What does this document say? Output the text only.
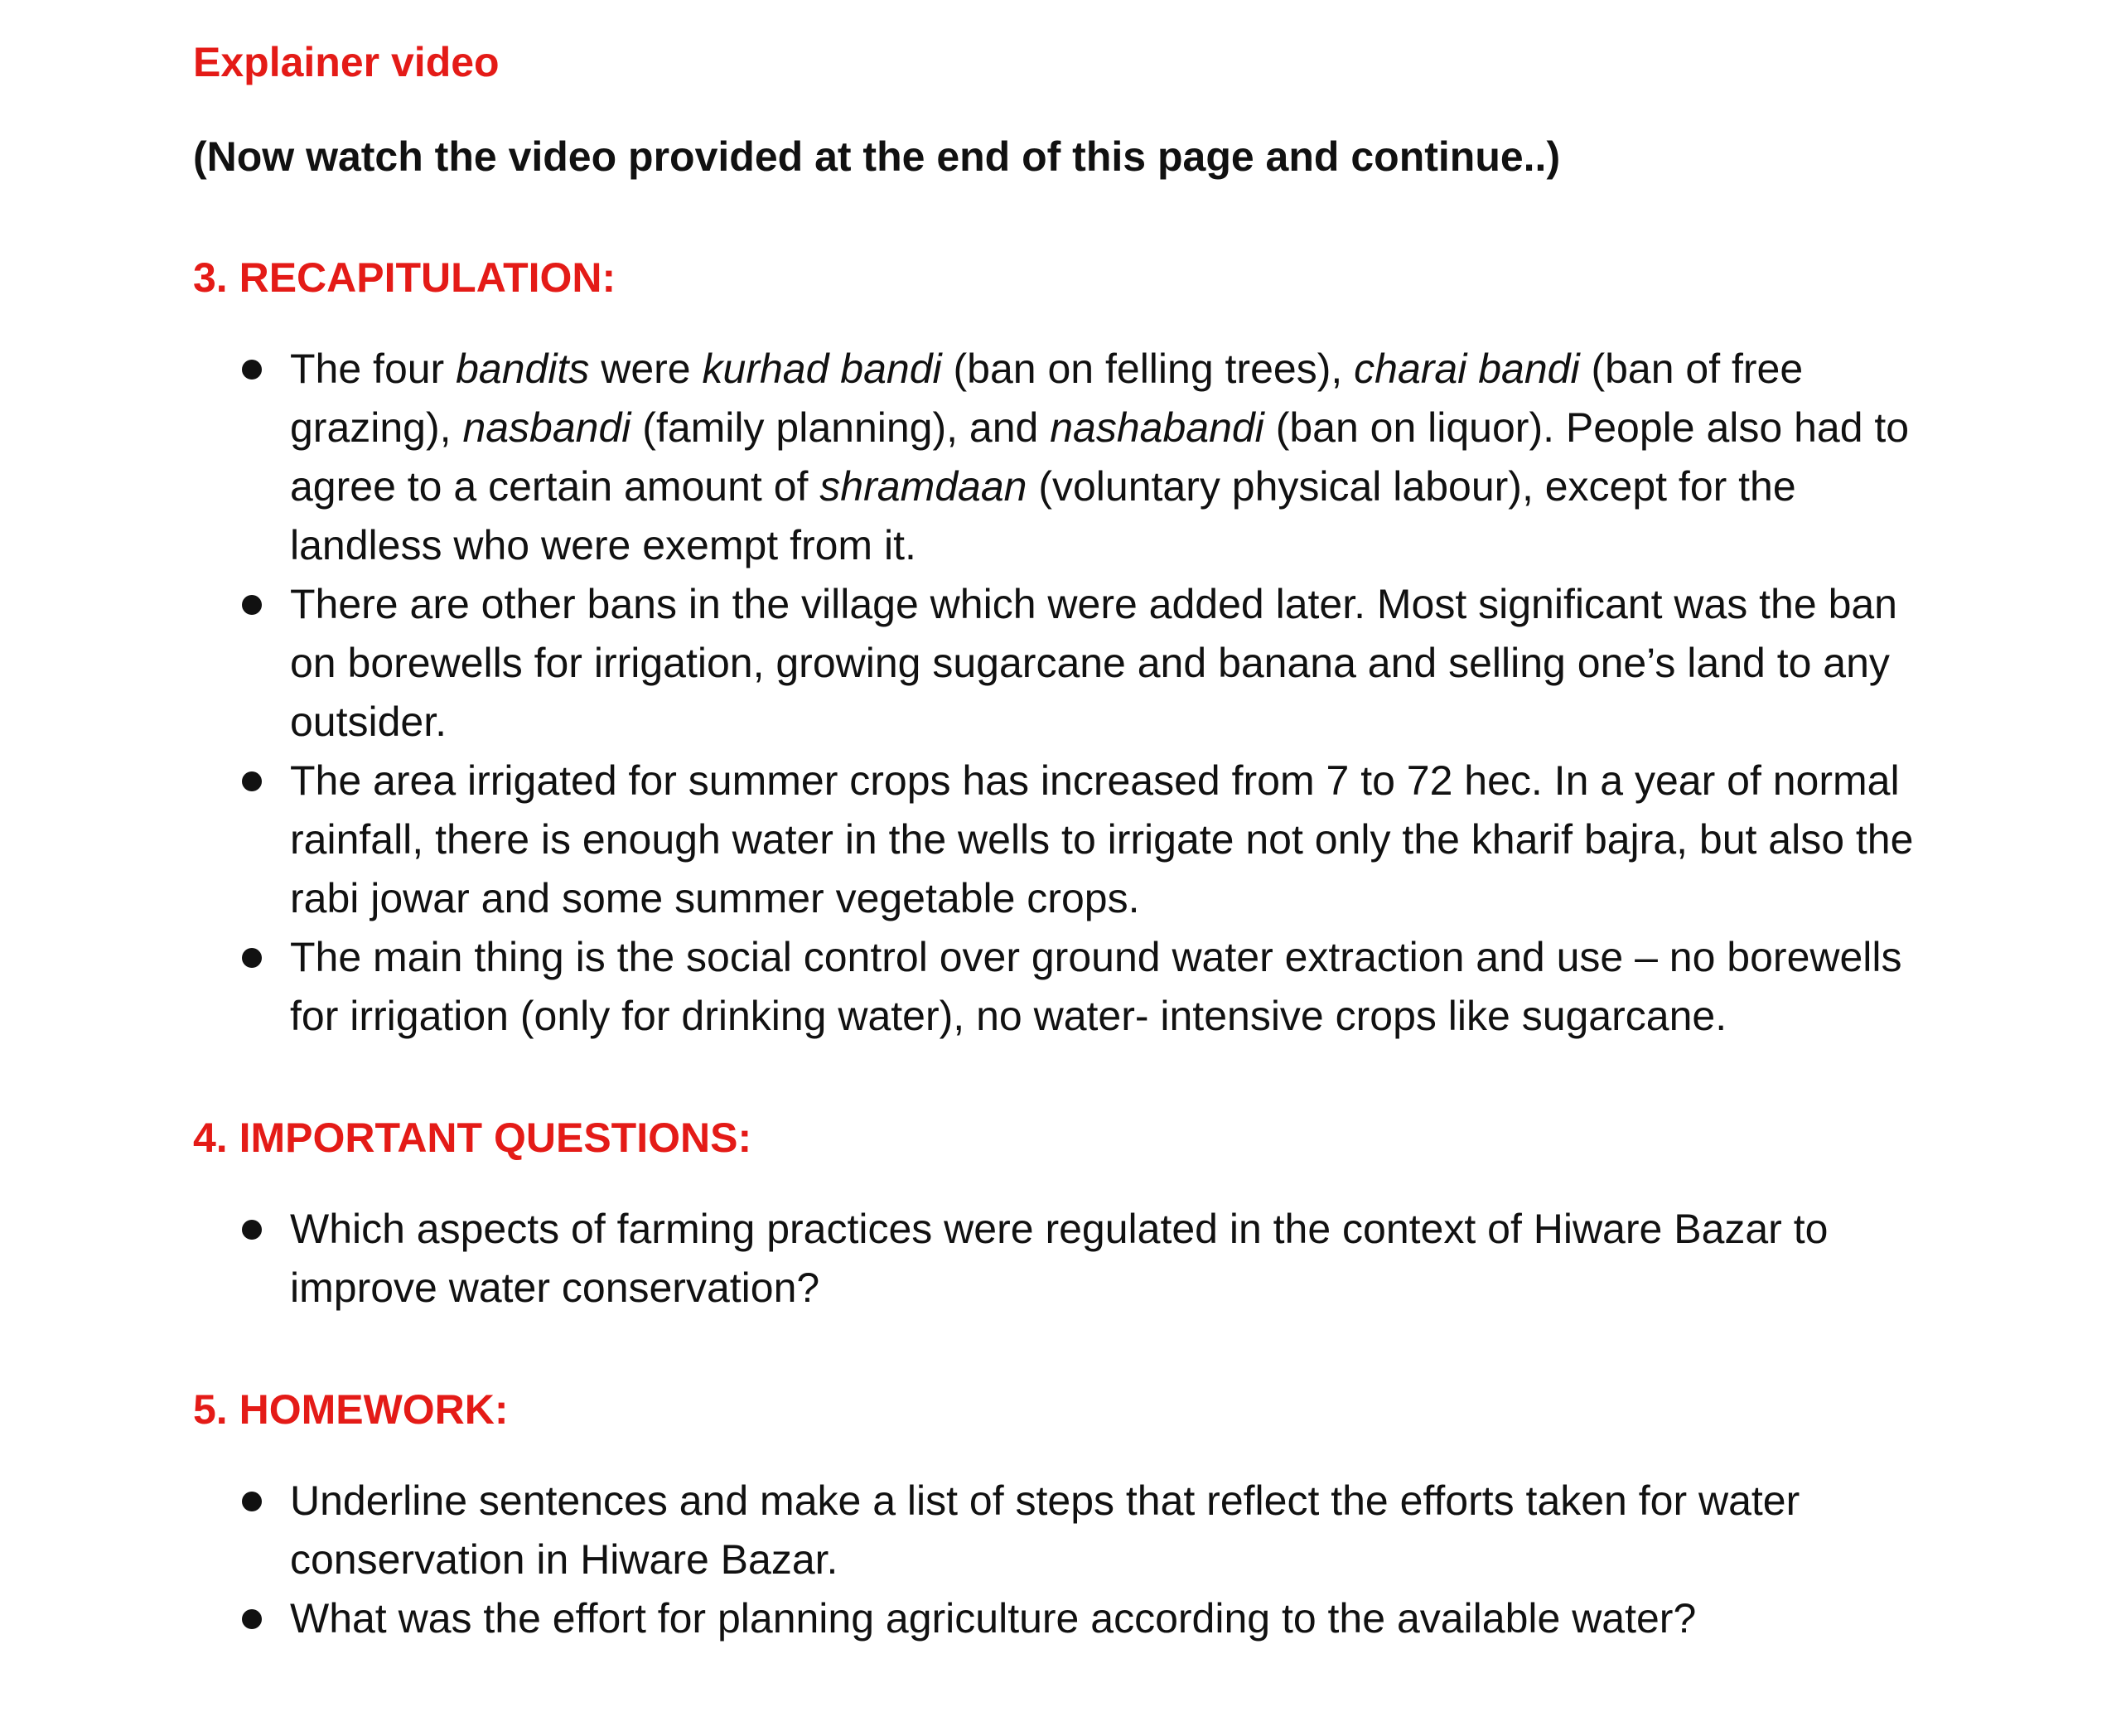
Explainer video

(Now watch the video provided at the end of this page and continue..)

3. RECAPITULATION:
The four bandits were kurhad bandi (ban on felling trees), charai bandi (ban of free grazing), nasbandi (family planning), and nashabandi (ban on liquor). People also had to agree to a certain amount of shramdaan (voluntary physical labour), except for the landless who were exempt from it.
There are other bans in the village which were added later. Most significant was the ban on borewells for irrigation, growing sugarcane and banana and selling one’s land to any outsider.
The area irrigated for summer crops has increased from 7 to 72 hec. In a year of normal rainfall, there is enough water in the wells to irrigate not only the kharif bajra, but also the rabi jowar and some summer vegetable crops.
The main thing is the social control over ground water extraction and use – no borewells for irrigation (only for drinking water), no water- intensive crops like sugarcane.
4. IMPORTANT QUESTIONS:
Which aspects of farming practices were regulated in the context of Hiware Bazar to improve water conservation?
5. HOMEWORK:
Underline sentences and make a list of steps that reflect the efforts taken for water conservation in Hiware Bazar.
What was the effort for planning agriculture according to the available water?
